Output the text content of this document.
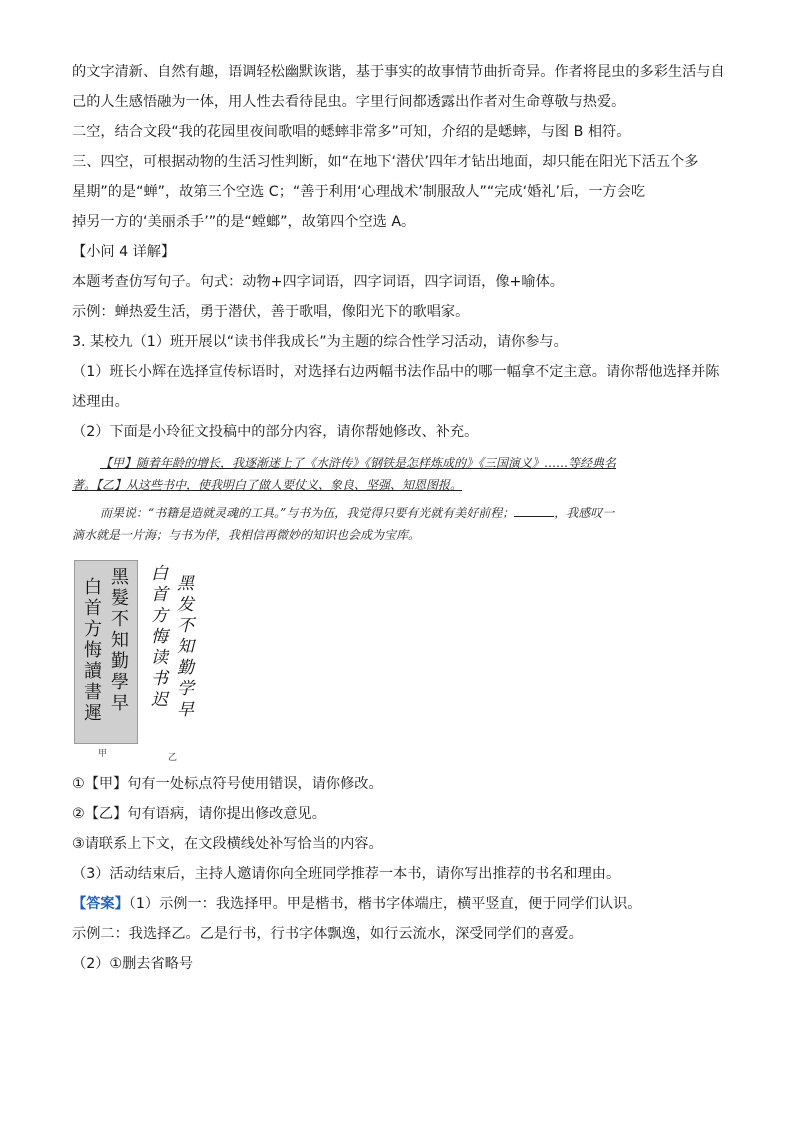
的文字清新、自然有趣，语调轻松幽默诙谐，基于事实的故事情节曲折奇异。作者将昆虫的多彩生活与自

己的人生感悟融为一体，用人性去看待昆虫。字里行间都透露出作者对生命尊敬与热爱。

二空，结合文段“我的花园里夜间歌唱的蟋蟀非常多”可知，介绍的是蟋蟀，与图 B 相符。

三、四空，可根据动物的生活习性判断，如“在地下‘潜伏’四年才钻出地面，却只能在阳光下活五个多

星期”的是“蝉”，故第三个空选 C；“善于利用‘心理战术’制服敌人”“完成‘婚礼’后，一方会吃

掉另一方的‘美丽杀手’”的是“螳螂”，故第四个空选 A。

【小问 4 详解】

本题考查仿写句子。句式：动物+四字词语，四字词语，四字词语，像+喻体。

示例：蝉热爱生活，勇于潜伏，善于歌唱，像阳光下的歌唱家。

3. 某校九（1）班开展以“读书伴我成长”为主题的综合性学习活动，请你参与。

（1）班长小辉在选择宣传标语时，对选择右边两幅书法作品中的哪一幅拿不定主意。请你帮他选择并陈

述理由。

（2）下面是小玲征文投稿中的部分内容，请你帮她修改、补充。

【甲】随着年龄的增长，我逐渐迷上了《水浒传》《钢铁是怎样炼成的》《三国演义》……等经典名
著。【乙】从这些书中，使我明白了做人要仗义、象良、坚强、知恩图报。
而果说：“书籍是造就灵魂的工具。”与书为伍，我觉得只要有光就有美好前程；	，我感叹一
滴水就是一片海；与书为伴，我相信再微妙的知识也会成为宝库。
黑髮不知勤學早
白首方悔讀書遲
甲
黑发不知勤学早
白首方悔读书迟
乙

①【甲】句有一处标点符号使用错误，请你修改。

②【乙】句有语病，请你提出修改意见。

③请联系上下文，在文段横线处补写恰当的内容。

（3）活动结束后，主持人邀请你向全班同学推荐一本书，请你写出推荐的书名和理由。

【答案】（1）示例一：我选择甲。甲是楷书，楷书字体端庄，横平竖直，便于同学们认识。

示例二：我选择乙。乙是行书，行书字体飘逸，如行云流水，深受同学们的喜爱。

（2）①删去省略号
